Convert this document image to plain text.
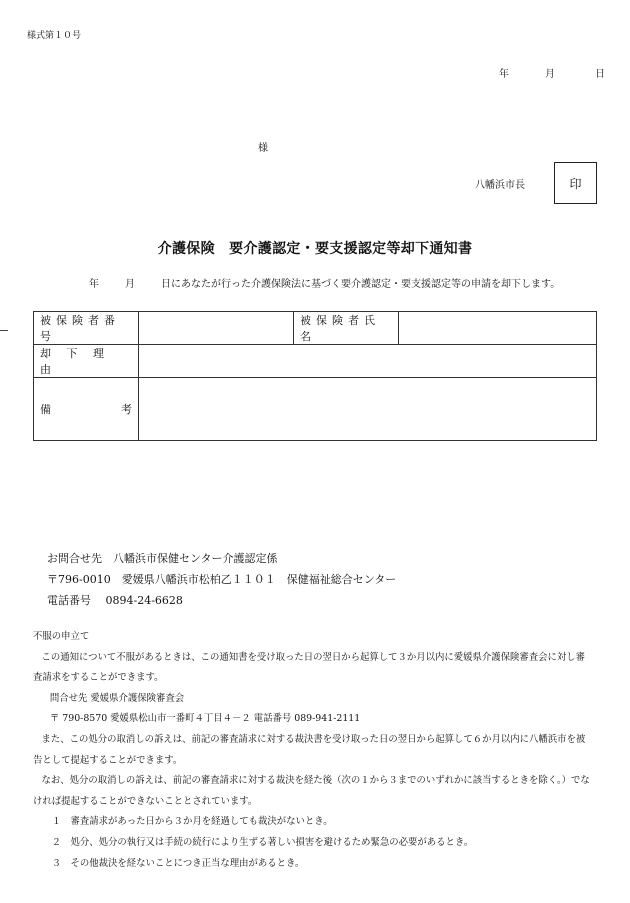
様式第１０号
年	月	日
様
八幡浜市長	印
介護保険　要介護認定・要支援認定等却下通知書
年	月	日にあなたが行った介護保険法に基づく要介護認定・要支援認定等の申請を却下します。
被保険者番号		被保険者氏名	
却 下 理 由			

備 考			

お問合せ先　八幡浜市保健センター介護認定係
〒796-0010　愛媛県八幡浜市松柏乙１１０１　保健福祉総合センター
電話番号　 0894-24-6628

不服の申立て

この通知について不服があるときは、この通知書を受け取った日の翌日から起算して３か月以内に愛媛県介護保険審査会に対し審査請求をすることができます。

問合せ先 愛媛県介護保険審査会

〒 790-8570 愛媛県松山市一番町４丁目４－２ 電話番号 089-941-2111

また、この処分の取消しの訴えは、前記の審査請求に対する裁決書を受け取った日の翌日から起算して６か月以内に八幡浜市を被告として提起することができます。

なお、処分の取消しの訴えは、前記の審査請求に対する裁決を経た後（次の１から３までのいずれかに該当するときを除く。）でなければ提起することができないこととされています。

１　審査請求があった日から３か月を経過しても裁決がないとき。

２　処分、処分の執行又は手続の続行により生ずる著しい損害を避けるため緊急の必要があるとき。

３　その他裁決を経ないことにつき正当な理由があるとき。
